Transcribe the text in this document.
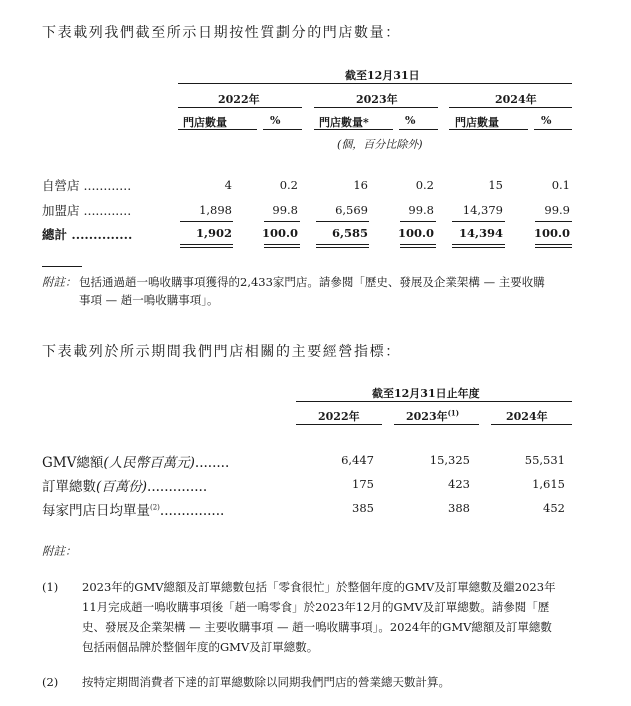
下表載列我們截至所示日期按性質劃分的門店數量：
截至12月31日
2022年	2023年	2024年
門店數量	%	門店數量*	%	門店數量	%
(個，百分比除外)
自營店 ............	4	0.2	16	0.2	15	0.1
加盟店 ............	1,898	99.8	6,569	99.8	14,379	99.9
總計 ..............	1,902	100.0	6,585	100.0	14,394	100.0
附註： 包括通過趙一鳴收購事項獲得的2,433家門店。請參閱「歷史、發展及企業架構 — 主要收購
事項 — 趙一鳴收購事項」。
下表載列於所示期間我們門店相關的主要經營指標：
截至12月31日止年度
2022年	2023年$^{(1)}$	2024年
GMV總額(人民幣百萬元)........	6,447	15,325	55,531
訂單總數(百萬份)..............	175	423	1,615
每家門店日均單量$^{(2)}$...............	385	388	452
附註：
(1) 2023年的GMV總額及訂單總數包括「零食很忙」於整個年度的GMV及訂單總數及繼2023年
11月完成趙一鳴收購事項後「趙一鳴零食」於2023年12月的GMV及訂單總數。請參閱「歷
史、發展及企業架構 — 主要收購事項 — 趙一鳴收購事項」。2024年的GMV總額及訂單總數
包括兩個品牌於整個年度的GMV及訂單總數。
(2) 按特定期間消費者下達的訂單總數除以同期我們門店的營業總天數計算。
